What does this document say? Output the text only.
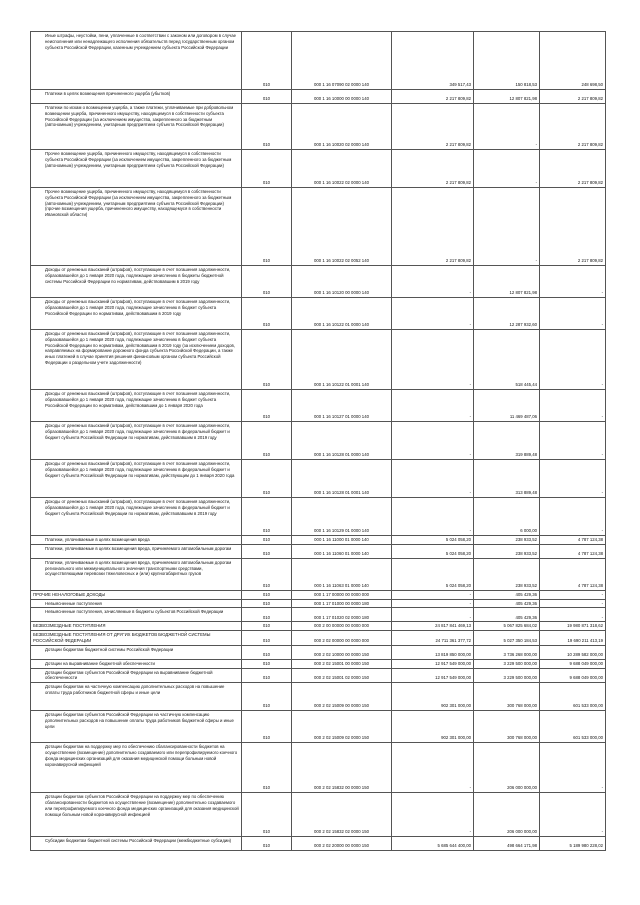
Иные штрафы, неустойки, пени, уплаченные в соответствии с законом или договором в случае неисполнения или ненадлежащего исполнения обязательств перед государственным органом субъекта Российской Федерации, казенным учреждением субъекта Российской Федерации	010	000 1 16 07090 02 0000 140	349 517,43	150 818,53	248 698,50
Платежи в целях возмещения причиненного ущерба (убытков)	010	000 1 16 10000 00 0000 140	2 217 809,82	12 807 821,98	2 217 809,82
Платежи по искам о возмещении ущерба, а также платежи, уплачиваемые при добровольном возмещении ущерба, причиненного имуществу, находящемуся в собственности субъекта Российской Федерации (за исключением имущества, закрепленного за бюджетным (автономным) учреждением, унитарным предприятием субъекта Российской Федерации)	010	000 1 16 10020 02 0000 140	2 217 809,82	-	2 217 809,82
Прочее возмещение ущерба, причиненного имуществу, находящемуся в собственности субъекта Российской Федерации (за исключением имущества, закрепленного за бюджетным (автономным) учреждением, унитарным предприятием субъекта Российской Федерации)	010	000 1 16 10022 02 0000 140	2 217 809,82	-	2 217 809,82
Прочее возмещение ущерба, причиненного имуществу, находящемуся в собственности субъекта Российской Федерации (за исключением имущества, закрепленного за бюджетным (автономным) учреждением, унитарным предприятием субъекта Российской Федерации) (прочие возмещения ущерба, причиненного имуществу, находящемуся в собственности Ивановской области)	010	000 1 16 10022 02 0052 140	2 217 809,82	-	2 217 809,82
Доходы от денежных взысканий (штрафов), поступающие в счет погашения задолженности, образовавшейся до 1 января 2020 года, подлежащие зачислению в бюджеты бюджетной системы Российской Федерации по нормативам, действовавшим в 2019 году	010	000 1 16 10120 00 0000 140	-	12 807 821,98	-
Доходы от денежных взысканий (штрафов), поступающие в счет погашения задолженности, образовавшейся до 1 января 2020 года, подлежащие зачислению в бюджет субъекта Российской Федерации по нормативам, действовавшим в 2019 году	010	000 1 16 10122 01 0000 140	-	12 287 932,60	-
Доходы от денежных взысканий (штрафов), поступающие в счет погашения задолженности, образовавшейся до 1 января 2020 года, подлежащие зачислению в бюджет субъекта Российской Федерации по нормативам, действовавшим в 2019 году (за исключением доходов, направляемых на формирование дорожного фонда субъекта Российской Федерации, а также иных платежей в случае принятия решения финансовым органом субъекта Российской Федерации о раздельном учете задолженности)	010	000 1 16 10122 01 0001 140	-	518 445,44	-
Доходы от денежных взысканий (штрафов), поступающие в счет погашения задолженности, образовавшейся до 1 января 2020 года, подлежащие зачислению в бюджет субъекта Российской Федерации по нормативам, действовавшим до 1 января 2020 года	010	000 1 16 10127 01 0000 140	-	11 469 487,06	-
Доходы от денежных взысканий (штрафов), поступающие в счет погашения задолженности, образовавшейся до 1 января 2020 года, подлежащие зачислению в федеральный бюджет и бюджет субъекта Российской Федерации по нормативам, действовавшим в 2019 году	010	000 1 16 10128 01 0000 140	-	319 889,48	-
Доходы от денежных взысканий (штрафов), поступающие в счет погашения задолженности, образовавшейся до 1 января 2020 года, подлежащие зачислению в федеральный бюджет и бюджет субъекта Российской Федерации по нормативам, действующим до 1 января 2020 года	010	000 1 16 10128 01 0001 140	-	313 889,48	-
Доходы от денежных взысканий (штрафов), поступающие в счет погашения задолженности, образовавшейся до 1 января 2020 года, подлежащие зачислению в федеральный бюджет и бюджет субъекта Российской Федерации по нормативам, действовавшим в 2019 году	010	000 1 16 10129 01 0000 140	-	6 000,00	-
Платежи, уплачиваемые в целях возмещения вреда	010	000 1 16 11000 01 0000 140	5 024 058,20	238 933,52	4 787 124,38
Платежи, уплачиваемые в целях возмещения вреда, причиняемого автомобильным дорогам	010	000 1 16 11060 01 0000 140	5 024 058,20	238 933,52	4 787 124,38
Платежи, уплачиваемые в целях возмещения вреда, причиняемого автомобильным дорогам регионального или межмуниципального значения транспортными средствами, осуществляющими перевозки тяжеловесных и (или) крупногабаритных грузов	010	000 1 16 11063 01 0000 140	5 024 058,20	238 933,52	4 787 124,38
ПРОЧИЕ НЕНАЛОГОВЫЕ ДОХОДЫ	010	000 1 17 00000 00 0000 000	-	405 429,36	-
Невыясненные поступления	010	000 1 17 01000 00 0000 180	-	405 429,36	-
Невыясненные поступления, зачисляемые в бюджеты субъектов Российской Федерации	010	000 1 17 01020 02 0000 180	-	405 429,36	-
БЕЗВОЗМЕЗДНЫЕ ПОСТУПЛЕНИЯ	010	000 2 00 00000 00 0000 000	24 817 841 469,13	5 067 825 684,02	19 980 871 318,62
БЕЗВОЗМЕЗДНЫЕ ПОСТУПЛЕНИЯ ОТ ДРУГИХ БЮДЖЕТОВ БЮДЖЕТНОЙ СИСТЕМЫ РОССИЙСКОЙ ФЕДЕРАЦИИ	010	000 2 02 00000 00 0000 000	24 711 361 377,72	5 027 350 184,53	19 690 211 413,19
Дотации бюджетам бюджетной системы Российской Федерации	010	000 2 02 10000 00 0000 150	13 819 850 000,00	3 736 268 000,00	10 289 582 000,00
Дотации на выравнивание бюджетной обеспеченности	010	000 2 02 15001 00 0000 150	12 917 549 000,00	3 229 500 000,00	9 688 049 000,00
Дотации бюджетам субъектов Российской Федерации на выравнивание бюджетной обеспеченности	010	000 2 02 15001 02 0000 150	12 917 549 000,00	3 229 500 000,00	9 688 049 000,00
Дотации бюджетам на частичную компенсацию дополнительных расходов на повышение оплаты труда работников бюджетной сферы и иные цели	010	000 2 02 15009 00 0000 150	902 301 000,00	300 768 000,00	601 533 000,00
Дотации бюджетам субъектов Российской Федерации на частичную компенсацию дополнительных расходов на повышение оплаты труда работников бюджетной сферы и иные цели	010	000 2 02 15009 02 0000 150	902 301 000,00	300 768 000,00	601 533 000,00
Дотации бюджетам на поддержку мер по обеспечению сбалансированности бюджетов на осуществление (возмещение) дополнительно создаваемого или перепрофилируемого коечного фонда медицинских организаций для оказания медицинской помощи больным новой коронавирусной инфекцией	010	000 2 02 15832 00 0000 150	-	206 000 000,00	-
Дотации бюджетам субъектов Российской Федерации на поддержку мер по обеспечению сбалансированности бюджетов на осуществление (возмещение) дополнительно создаваемого или перепрофилируемого коечного фонда медицинских организаций для оказания медицинской помощи больным новой коронавирусной инфекцией	010	000 2 02 15832 02 0000 150	-	206 000 000,00	-
Субсидии бюджетам бюджетной системы Российской Федерации (межбюджетные субсидии)	010	000 2 02 20000 00 0000 150	5 685 644 400,00	498 664 171,98	5 189 980 228,02
